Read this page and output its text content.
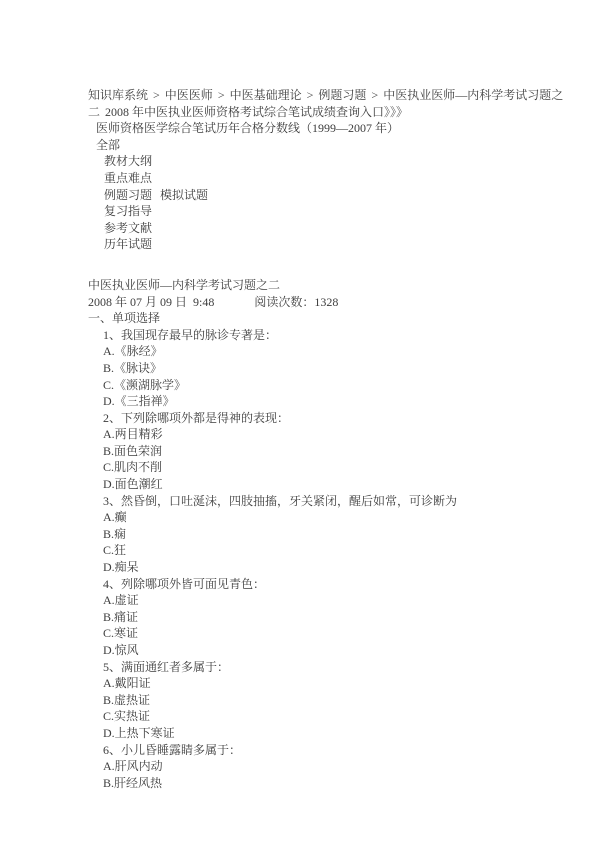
知识库系统 > 中医医师 > 中医基础理论 > 例题习题 > 中医执业医师—内科学考试习题之
二 2008 年中医执业医师资格考试综合笔试成绩查询入口》》》
医师资格医学综合笔试历年合格分数线（1999—2007 年）
全部
教材大纲
重点难点
例题习题 模拟试题
复习指导
参考文献
历年试题
中医执业医师—内科学考试习题之二
2008 年 07 月 09 日  9:48	阅读次数：1328
一、单项选择
1、我国现存最早的脉诊专著是：
A.《脉经》
B.《脉诀》
C.《濒湖脉学》
D.《三指禅》
2、下列除哪项外都是得神的表现：
A.两目精彩
B.面色荣润
C.肌肉不削
D.面色潮红
3、然昏倒，口吐涎沫，四肢抽搐，牙关紧闭，醒后如常，可诊断为
A.癫
B.痫
C.狂
D.痴呆
4、列除哪项外皆可面见青色：
A.虚证
B.痛证
C.寒证
D.惊风
5、满面通红者多属于：
A.戴阳证
B.虚热证
C.实热证
D.上热下寒证
6、小儿昏睡露睛多属于：
A.肝风内动
B.肝经风热
